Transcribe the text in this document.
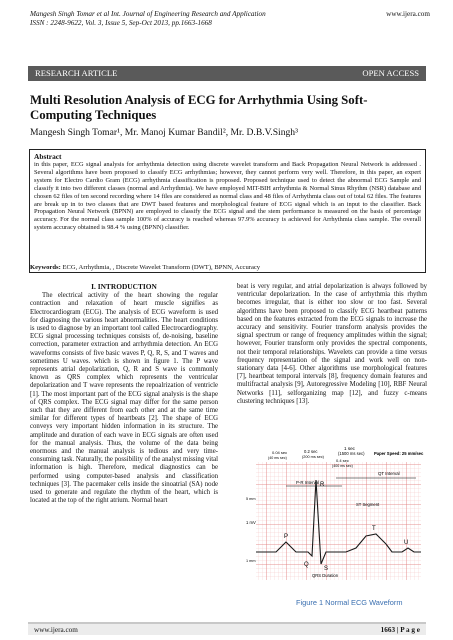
Mangesh Singh Tomar et al Int. Journal of Engineering Research and Application	www.ijera.com
ISSN : 2248-9622, Vol. 3, Issue 5, Sep-Oct 2013, pp.1663-1668
RESEARCH ARTICLE	OPEN ACCESS
Multi Resolution Analysis of ECG for Arrhythmia Using Soft-Computing Techniques
Mangesh Singh Tomar¹, Mr. Manoj Kumar Bandil², Mr. D.B.V.Singh³
Abstract
in this paper, ECG signal analysis for arrhythmia detection using discrete wavelet transform and Back Propagation Neural Network is addressed . Several algorithms have been proposed to classify ECG arrhythmias; however, they cannot perform very well. Therefore, in this paper, an expert system for Electro Cardio Gram (ECG) arrhythmia classification is proposed. Proposed technique used to detect the abnormal ECG Sample and classify it into two different classes (normal and Arrhythmia). We have employed MIT-BIH arrhythmia & Normal Sinus Rhythm (NSR) database and chosen 62 files of ten second recording where 14 files are considered as normal class and 48 files of Arrhythmia class out of total 62 files. The features are break up in to two classes that are DWT based features and morphological feature of ECG signal which is an input to the classifier. Back Propagation Neural Network (BPNN) are employed to classify the ECG signal and the stem performance is measured on the basis of percentage accuracy. For the normal class sample 100% of accuracy is reached whereas 97.9% accuracy is achieved for Arrhythmia class sample. The overall system accuracy obtained is 98.4 % using (BPNN) classifier.
Keywords: ECG, Arrhythmia, , Discrete Wavelet Transform (DWT), BPNN, Accuracy
I. INTRODUCTION
The electrical activity of the heart showing the regular contraction and relaxation of heart muscle signifies as Electrocardiogram (ECG). The analysis of ECG waveform is used for diagnosing the various heart abnormalities. The heart conditions is used to diagnose by an important tool called Electrocardiography. ECG signal processing techniques consists of, de-noising, baseline correction, parameter extraction and arrhythmia detection. An ECG waveforms consists of five basic waves P, Q, R, S, and T waves and sometimes U waves. which is shown in figure 1. The P wave represents atrial depolarization, Q, R and S wave is commonly known as QRS complex which represents the ventricular depolarization and T wave represents the repoalrization of ventricle [1]. The most important part of the ECG signal analysis is the shape of QRS complex. The ECG signal may differ for the same person such that they are different from each other and at the same time similar for different types of heartbeats [2]. The shape of ECG conveys very important hidden information in its structure. The amplitude and duration of each wave in ECG signals are often used for the manual analysis. Thus, the volume of the data being enormous and the manual analysis is tedious and very time-consuming task. Naturally, the possibility of the analyst missing vital information is high. Therefore, medical diagnostics can be performed using computer-based analysis and classification techniques [3]. The pacemaker cells inside the sinoatrial (SA) node used to generate and regulate the rhythm of the heart, which is located at the top of the right atrium. Normal heart
beat is very regular, and atrial depolarization is always followed by ventricular depolarization. In the case of arrhythmia this rhythm becomes irregular, that is either too slow or too fast. Several algorithms have been proposed to classify ECG heartbeat patterns based on the features extracted from the ECG signals to increase the accuracy and sensitivity. Fourier transform analysis provides the signal spectrum or range of frequency amplitudes within the signal; however, Fourier transform only provides the spectral components, not their temporal relationships. Wavelets can provide a time versus frequency representation of the signal and work well on non-stationary data [4-6]. Other algorithms use morphological features [7], heartbeat temporal intervals [8], frequency domain features and multifractal analysis [9], Autoregressive Modeling [10], RBF Neural Networks [11], selforganizing map [12], and fuzzy c-means clustering techniques [13].
1 sec
(1500 ms sec)
0.2 sec
(200 ms sec)
0.04 sec
(40 ms sec)
Paper Speed: 25 mm/sec
0.4 sec
(400 ms sec)
P-R Interval
QT Interval
ST Segment
P
Q
R
S
T
U
QRS Duration
1 mV
5 mm
1 mm
Figure 1 Normal ECG Waveform
www.ijera.com	1663 | P a g e
